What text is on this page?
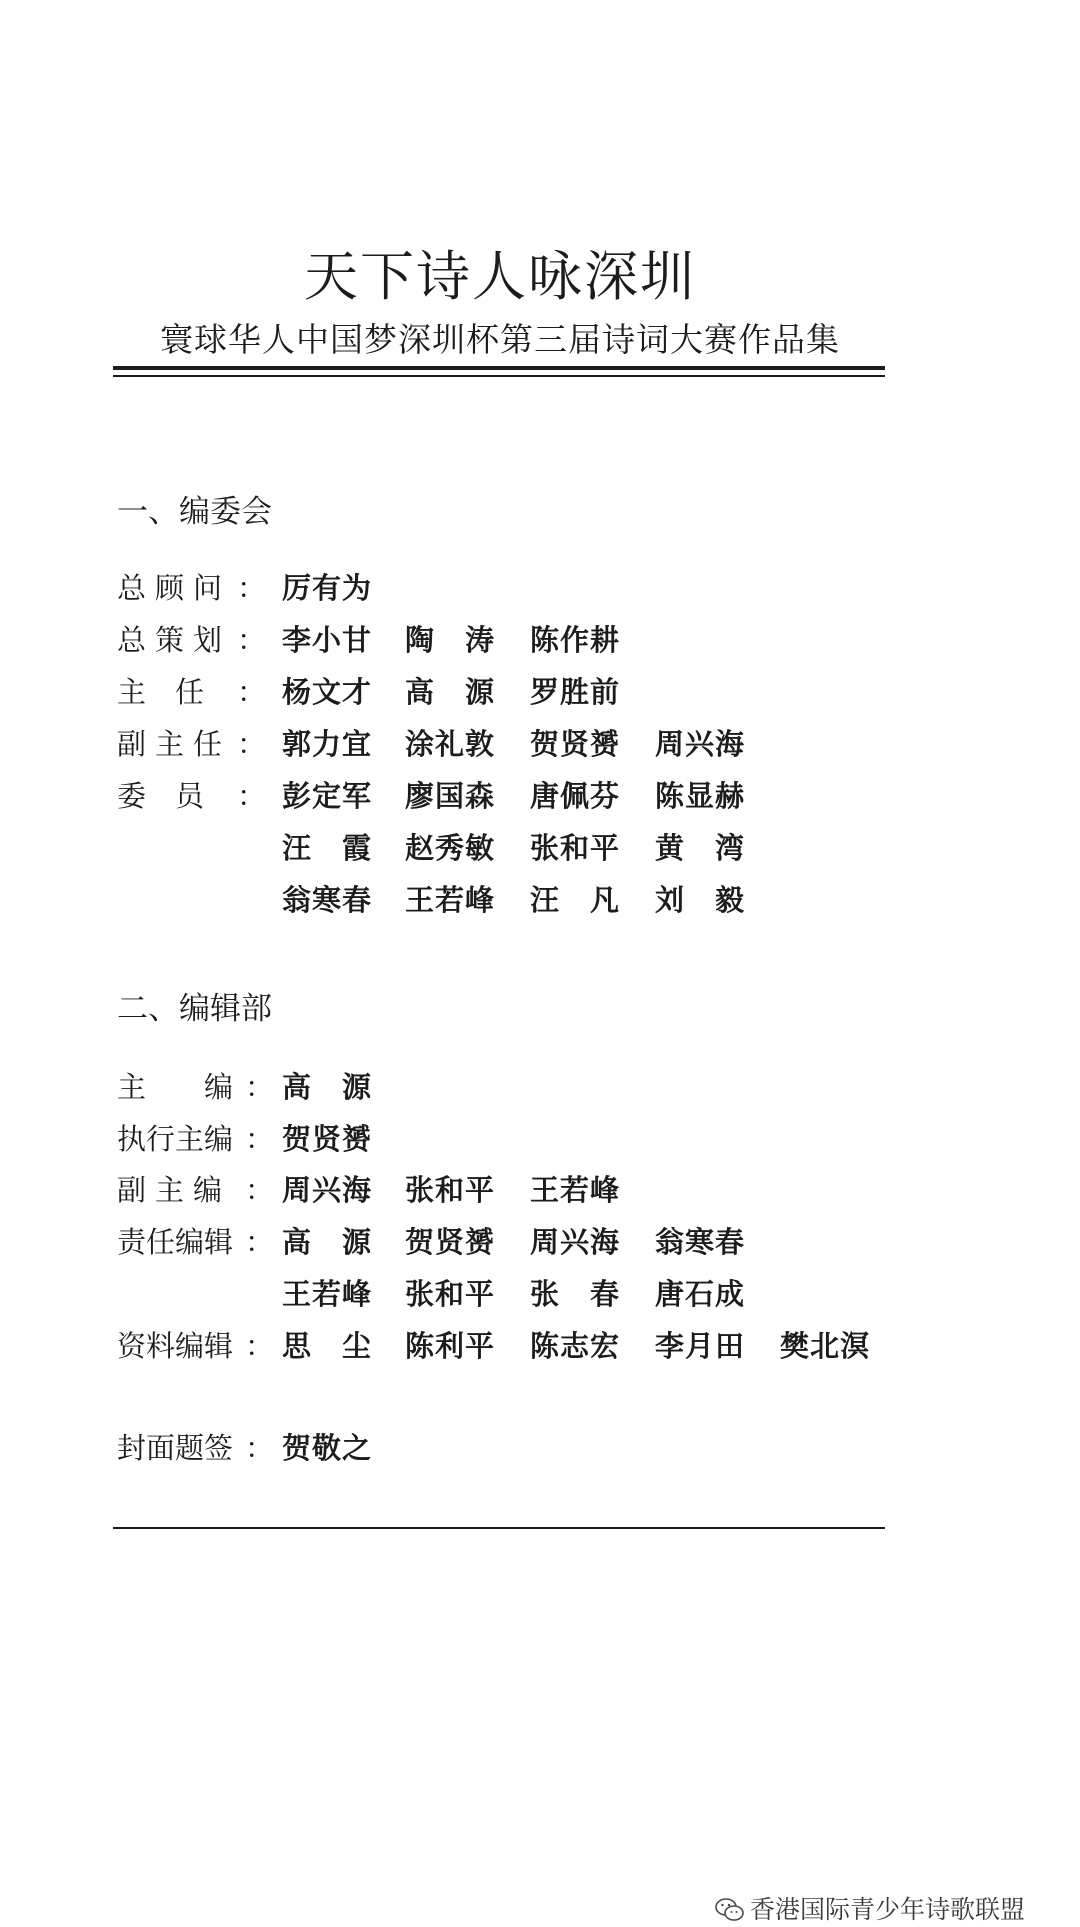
天下诗人咏深圳
寰球华人中国梦深圳杯第三届诗词大赛作品集
一、编委会
二、编辑部
总顾问 ： 厉有为
总策划 ： 李小甘 陶　涛 陈作耕
主　任	： 杨文才 高　源 罗胜前
副主任 ： 郭力宜 涂礼敦 贺贤赟 周兴海
委　员	： 彭定军 廖国森 唐佩芬 陈显赫
汪　霞 赵秀敏 张和平 黄　湾
翁寒春 王若峰 汪　凡 刘　毅
主　　编 ： 高　源
执行主编 ： 贺贤赟
副主编 ： 周兴海 张和平 王若峰
责任编辑 ： 高　源 贺贤赟 周兴海 翁寒春
王若峰 张和平 张　春 唐石成
资料编辑 ： 思　尘 陈利平 陈志宏 李月田 樊北溟
封面题签 ： 贺敬之
香港国际青少年诗歌联盟
